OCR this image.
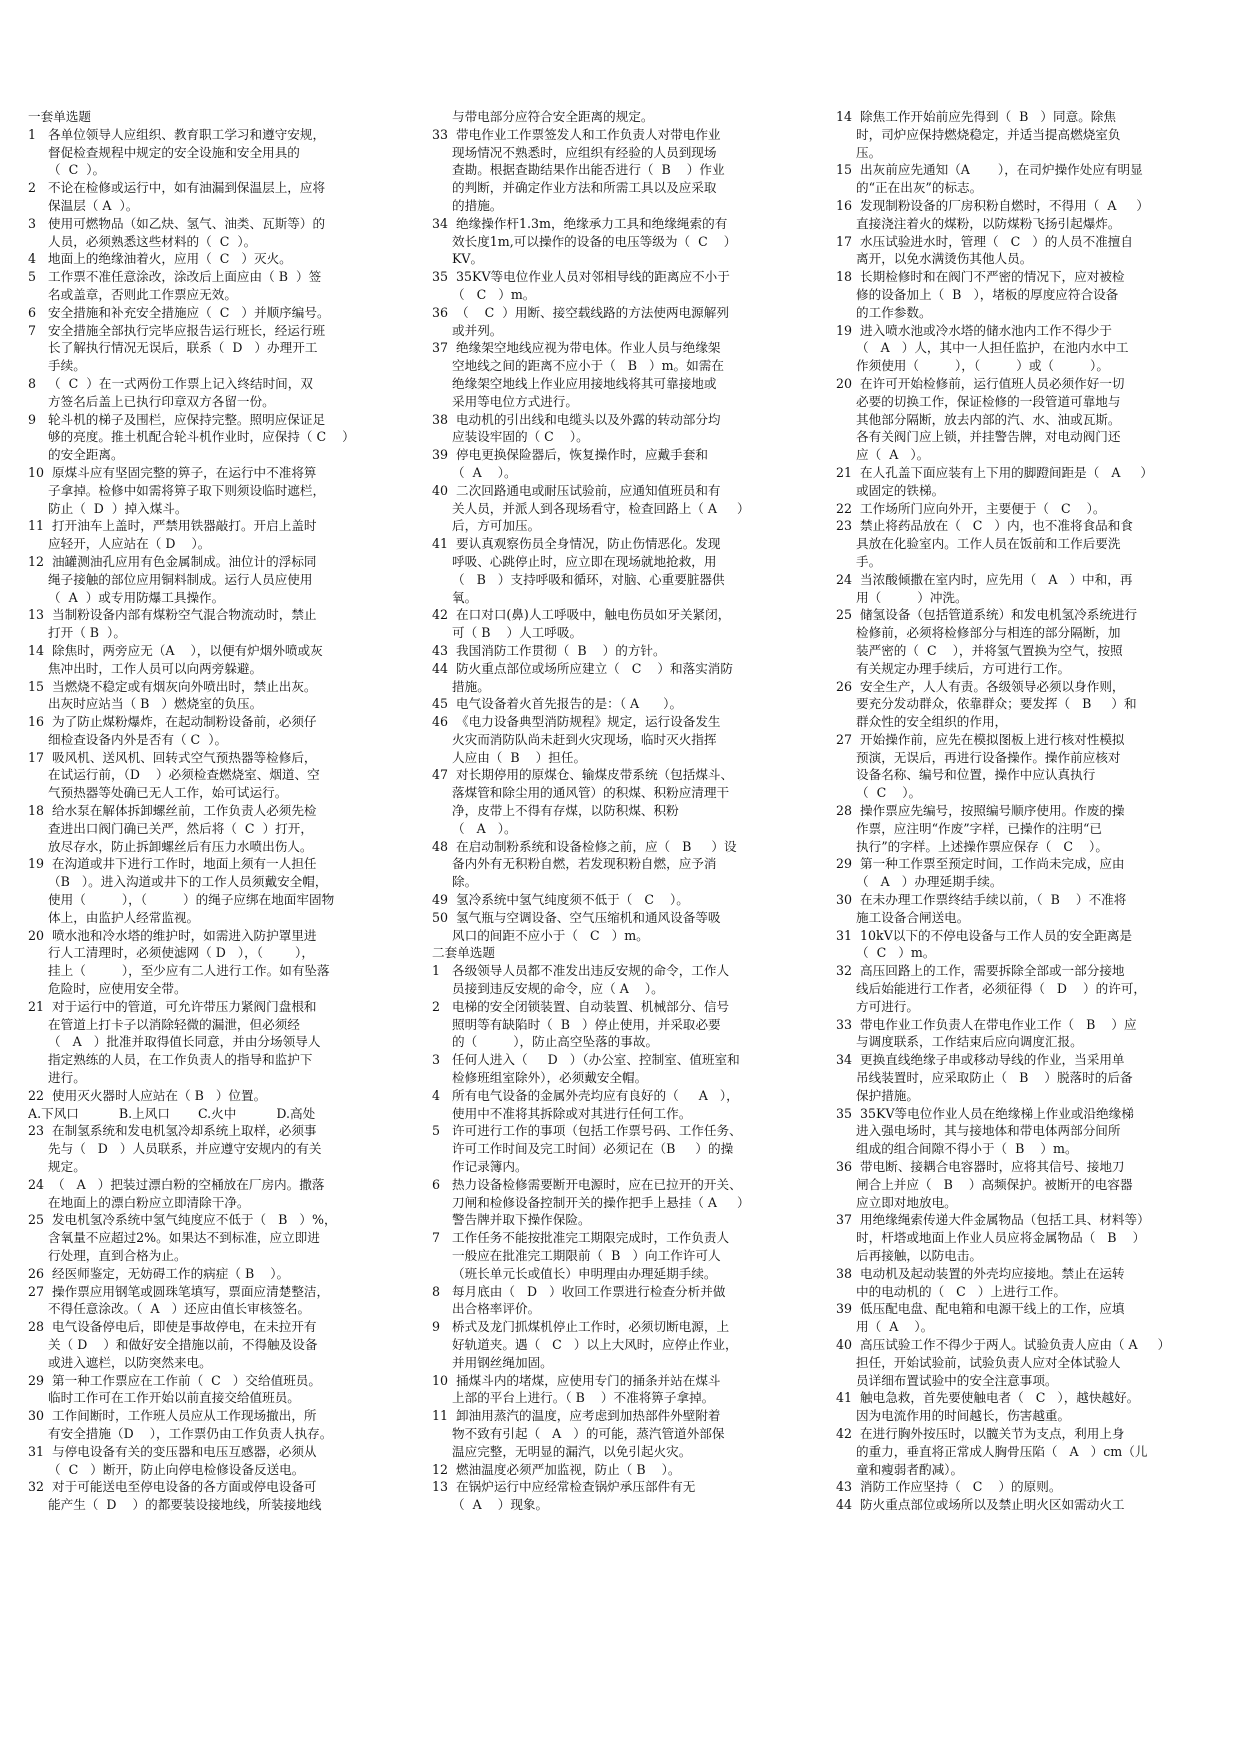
一套单选题
1   各单位领导人应组织、教育职工学习和遵守安规，
督促检查规程中规定的安全设施和安全用具的
（  C  ）。
2   不论在检修或运行中，如有油漏到保温层上，应将
保温层（ A  ）。
3   使用可燃物品（如乙炔、氢气、油类、瓦斯等）的
人员，必须熟悉这些材料的（  C  ）。
4   地面上的绝缘油着火，应用（  C   ）灭火。
5   工作票不准任意涂改，涂改后上面应由（ B  ）签
名或盖章，否则此工作票应无效。
6   安全措施和补充安全措施应（  C   ）并顺序编号。
7   安全措施全部执行完毕应报告运行班长，经运行班
长了解执行情况无误后，联系（  D   ）办理开工
手续。
8   （  C  ）在一式两份工作票上记入终结时间，双
方签名后盖上已执行印章双方各留一份。
9   轮斗机的梯子及围栏，应保持完整。照明应保证足
够的亮度。推土机配合轮斗机作业时，应保持（ C    ）
的安全距离。
10  原煤斗应有坚固完整的箅子，在运行中不准将箅
子拿掉。检修中如需将箅子取下则须设临时遮栏，
防止（  D  ）掉入煤斗。
11  打开油车上盖时，严禁用铁器敲打。开启上盖时
应轻开，人应站在（ D    ）。
12  油罐测油孔应用有色金属制成。油位计的浮标同
绳子接触的部位应用铜料制成。运行人员应使用
（  A  ）或专用防爆工具操作。
13  当制粉设备内部有煤粉空气混合物流动时，禁止
打开（ B  ）。
14  除焦时，两旁应无（A    ），以便有炉烟外喷或灰
焦冲出时，工作人员可以向两旁躲避。
15  当燃烧不稳定或有烟灰向外喷出时，禁止出灰。
出灰时应站当（ B   ）燃烧室的负压。
16  为了防止煤粉爆炸，在起动制粉设备前，必须仔
细检查设备内外是否有（ C  ）。
17  吸风机、送风机、回转式空气预热器等检修后，
在试运行前，（D    ）必须检查燃烧室、烟道、空
气预热器等处确已无人工作，始可试运行。
18  给水泵在解体拆卸螺丝前，工作负责人必须先检
查进出口阀门确已关严，然后将（  C  ）打开，
放尽存水，防止拆卸螺丝后有压力水喷出伤人。
19  在沟道或井下进行工作时，地面上须有一人担任
（B   ）。进入沟道或井下的工作人员须戴安全帽，
使用（         ），（         ）的绳子应绑在地面牢固物
体上，由监护人经常监视。
20  喷水池和冷水塔的维护时，如需进入防护罩里进
行人工清理时，必须使滤网（ D   ），（        ），
挂上（         ），至少应有二人进行工作。如有坠落
危险时，应使用安全带。
21  对于运行中的管道，可允许带压力紧阀门盘根和
在管道上打卡子以消除轻微的漏泄，但必须经
（   A   ）批准并取得值长同意，并由分场领导人
指定熟练的人员，在工作负责人的指导和监护下
进行。
22  使用灭火器时人应站在（ B   ）位置。
A.下风口          B.上风口       C.火中          D.高处
23  在制氢系统和发电机氢冷却系统上取样，必须事
先与（   D   ）人员联系，并应遵守安规内的有关
规定。
24  （   A   ）把装过漂白粉的空桶放在厂房内。撒落
在地面上的漂白粉应立即清除干净。
25  发电机氢冷系统中氢气纯度应不低于（   B   ）%，
含氧量不应超过2%。如果达不到标准，应立即进
行处理，直到合格为止。
26  经医师鉴定，无妨碍工作的病症（ B    ）。
27  操作票应用钢笔或圆珠笔填写，票面应清楚整洁，
不得任意涂改。（  A   ）还应由值长审核签名。
28  电气设备停电后，即使是事故停电，在未拉开有
关（ D    ）和做好安全措施以前，不得触及设备
或进入遮栏，以防突然来电。
29  第一种工作票应在工作前（  C   ）交给值班员。
临时工作可在工作开始以前直接交给值班员。
30  工作间断时，工作班人员应从工作现场撤出，所
有安全措施（D    ），工作票仍由工作负责人执存。
31  与停电设备有关的变压器和电压互感器，必须从
（  C   ）断开，防止向停电检修设备反送电。
32  对于可能送电至停电设备的各方面或停电设备可
能产生（  D    ）的都要装设接地线，所装接地线
与带电部分应符合安全距离的规定。
33  带电作业工作票签发人和工作负责人对带电作业
现场情况不熟悉时，应组织有经验的人员到现场
查勘。根据查勘结果作出能否进行（  B    ）作业
的判断，并确定作业方法和所需工具以及应采取
的措施。
34  绝缘操作杆1.3m，绝缘承力工具和绝缘绳索的有
效长度1m,可以操作的设备的电压等级为（  C    ）
KV。
35  35KV等电位作业人员对邻相导线的距离应不小于
（   C   ）m。
36  （    C  ）用断、接空载线路的方法使两电源解列
或并列。
37  绝缘架空地线应视为带电体。作业人员与绝缘架
空地线之间的距离不应小于（   B   ）m。如需在
绝缘架空地线上作业应用接地线将其可靠接地或
采用等电位方式进行。
38  电动机的引出线和电缆头以及外露的转动部分均
应装设牢固的（ C    ）。
39  停电更换保险器后，恢复操作时，应戴手套和
（  A    ）。
40  二次回路通电或耐压试验前，应通知值班员和有
关人员，并派人到各现场看守，检查回路上（ A     ）
后，方可加压。
41  要认真观察伤员全身情况，防止伤情恶化。发现
呼吸、心跳停止时，应立即在现场就地抢救，用
（   B   ）支持呼吸和循环，对脑、心重要脏器供
氧。
42  在口对口(鼻)人工呼吸中，触电伤员如牙关紧闭，
可（ B    ）人工呼吸。
43  我国消防工作贯彻（  B    ）的方针。
44  防火重点部位或场所应建立（   C    ）和落实消防
措施。
45  电气设备着火首先报告的是：（ A      ）。
46  《电力设备典型消防规程》规定，运行设备发生
火灾而消防队尚未赶到火灾现场，临时灭火指挥
人应由（  B    ）担任。
47  对长期停用的原煤仓、输煤皮带系统（包括煤斗、
落煤管和除尘用的通风管）的积煤、积粉应清理干
净，皮带上不得有存煤，以防积煤、积粉
（   A   ）。
48  在启动制粉系统和设备检修之前，应（   B     ）设
备内外有无积粉自燃，若发现积粉自燃，应予消
除。
49  氢冷系统中氢气纯度须不低于（   C    ）。
50  氢气瓶与空调设备、空气压缩机和通风设备等吸
风口的间距不应小于（   C   ）m。
二套单选题
1   各级领导人员都不准发出违反安规的命令，工作人
员接到违反安规的命令，应（ A    ）。
2   电梯的安全闭锁装置、自动装置、机械部分、信号
照明等有缺陷时（  B   ）停止使用，并采取必要
的（         ），防止高空坠落的事故。
3   任何人进入（     D   ）（办公室、控制室、值班室和
检修班组室除外），必须戴安全帽。
4   所有电气设备的金属外壳均应有良好的（     A   ），
使用中不准将其拆除或对其进行任何工作。
5   许可进行工作的事项（包括工作票号码、工作任务、
许可工作时间及完工时间）必须记在（B     ）的操
作记录簿内。
6   热力设备检修需要断开电源时，应在已拉开的开关、
刀闸和检修设备控制开关的操作把手上悬挂（ A     ）
警告牌并取下操作保险。
7   工作任务不能按批准完工期限完成时，工作负责人
一般应在批准完工期限前（  B   ）向工作许可人
（班长单元长或值长）申明理由办理延期手续。
8   每月底由（   D   ）收回工作票进行检查分析并做
出合格率评价。
9   桥式及龙门抓煤机停止工作时，必须切断电源，上
好轨道夹。遇（   C   ）以上大风时，应停止作业，
并用钢丝绳加固。
10  捅煤斗内的堵煤，应使用专门的捅条并站在煤斗
上部的平台上进行。（ B    ）不准将箅子拿掉。
11  卸油用蒸汽的温度，应考虑到加热部件外壁附着
物不致有引起（   A   ）的可能，蒸汽管道外部保
温应完整，无明显的漏汽，以免引起火灾。
12  燃油温度必须严加监视，防止（ B    ）。
13  在锅炉运行中应经常检查锅炉承压部件有无
（  A    ）现象。
14  除焦工作开始前应先得到（  B   ）同意。除焦
时，司炉应保持燃烧稳定，并适当提高燃烧室负
压。
15  出灰前应先通知（A       ），在司炉操作处应有明显
的“正在出灰”的标志。
16  发现制粉设备的厂房积粉自燃时，不得用（  A     ）
直接浇注着火的煤粉，以防煤粉飞扬引起爆炸。
17  水压试验进水时，管理（   C   ）的人员不准擅自
离开，以免水满烫伤其他人员。
18  长期检修时和在阀门不严密的情况下，应对被检
修的设备加上（  B   ），堵板的厚度应符合设备
的工作参数。
19  进入喷水池或冷水塔的储水池内工作不得少于
（   A   ）人，其中一人担任监护，在池内水中工
作须使用（         ），（         ）或（         ）。
20  在许可开始检修前，运行值班人员必须作好一切
必要的切换工作，保证检修的一段管道可靠地与
其他部分隔断，放去内部的汽、水、油或瓦斯。
各有关阀门应上锁，并挂警告牌，对电动阀门还
应（  A   ）。
21  在人孔盖下面应装有上下用的脚蹬间距是（   A     ）
或固定的铁梯。
22  工作场所门应向外开，主要便于（   C    ）。
23  禁止将药品放在（   C   ）内，也不准将食品和食
具放在化验室内。工作人员在饭前和工作后要洗
手。
24  当浓酸倾撒在室内时，应先用（   A   ）中和，再
用（         ）冲洗。
25  储氢设备（包括管道系统）和发电机氢冷系统进行
检修前，必须将检修部分与相连的部分隔断，加
装严密的（  C    ），并将氢气置换为空气，按照
有关规定办理手续后，方可进行工作。
26  安全生产，人人有责。各级领导必须以身作则，
要充分发动群众，依靠群众；要发挥（   B     ）和
群众性的安全组织的作用，
27  开始操作前，应先在模拟图板上进行核对性模拟
预演，无误后，再进行设备操作。操作前应核对
设备名称、编号和位置，操作中应认真执行
（  C    ）。
28  操作票应先编号，按照编号顺序使用。作废的操
作票，应注明“作废”字样，已操作的注明“已
执行”的字样。上述操作票应保存（   C    ）。
29  第一种工作票至预定时间，工作尚未完成，应由
（   A   ）办理延期手续。
30  在未办理工作票终结手续以前，（  B    ）不准将
施工设备合闸送电。
31  10kV以下的不停电设备与工作人员的安全距离是
（  C   ）m。
32  高压回路上的工作，需要拆除全部或一部分接地
线后始能进行工作者，必须征得（   D    ）的许可，
方可进行。
33  带电作业工作负责人在带电作业工作（   B    ）应
与调度联系，工作结束后应向调度汇报。
34  更换直线绝缘子串或移动导线的作业，当采用单
吊线装置时，应采取防止（   B    ）脱落时的后备
保护措施。
35  35KV等电位作业人员在绝缘梯上作业或沿绝缘梯
进入强电场时，其与接地体和带电体两部分间所
组成的组合间隙不得小于（  B    ）m。
36  带电断、接耦合电容器时，应将其信号、接地刀
闸合上并应（   B    ）高频保护。被断开的电容器
应立即对地放电。
37  用绝缘绳索传递大件金属物品（包括工具、材料等）
时，杆塔或地面上作业人员应将金属物品（   B    ）
后再接触，以防电击。
38  电动机及起动装置的外壳均应接地。禁止在运转
中的电动机的（   C   ）上进行工作。
39  低压配电盘、配电箱和电源干线上的工作，应填
用（  A    ）。
40  高压试验工作不得少于两人。试验负责人应由（ A     ）
担任，开始试验前，试验负责人应对全体试验人
员详细布置试验中的安全注意事项。
41  触电急救，首先要使触电者（   C   ），越快越好。
因为电流作用的时间越长，伤害越重。
42  在进行胸外按压时，以髋关节为支点，利用上身
的重力，垂直将正常成人胸骨压陷（   A   ）cm（儿
童和瘦弱者酌减）。
43  消防工作应坚持（   C    ）的原则。
44  防火重点部位或场所以及禁止明火区如需动火工
